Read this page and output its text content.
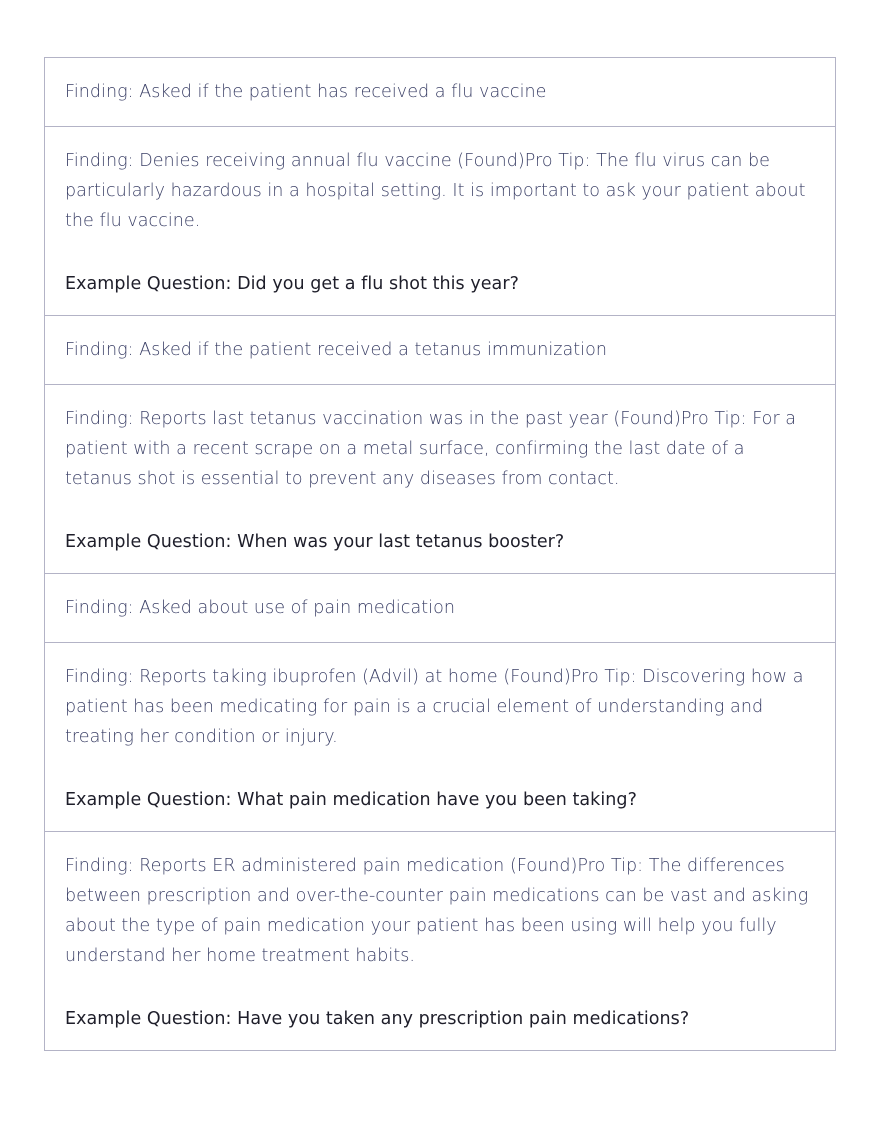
Finding: Asked if the patient has received a flu vaccine

Finding: Denies receiving annual flu vaccine (Found)Pro Tip: The flu virus can be particularly hazardous in a hospital setting. It is important to ask your patient about the flu vaccine.

Example Question: Did you get a flu shot this year?

Finding: Asked if the patient received a tetanus immunization

Finding: Reports last tetanus vaccination was in the past year (Found)Pro Tip: For a patient with a recent scrape on a metal surface, confirming the last date of a tetanus shot is essential to prevent any diseases from contact.

Example Question: When was your last tetanus booster?

Finding: Asked about use of pain medication

Finding: Reports taking ibuprofen (Advil) at home (Found)Pro Tip: Discovering how a patient has been medicating for pain is a crucial element of understanding and treating her condition or injury.

Example Question: What pain medication have you been taking?

Finding: Reports ER administered pain medication (Found)Pro Tip: The differences between prescription and over-the-counter pain medications can be vast and asking about the type of pain medication your patient has been using will help you fully understand her home treatment habits.

Example Question: Have you taken any prescription pain medications?
